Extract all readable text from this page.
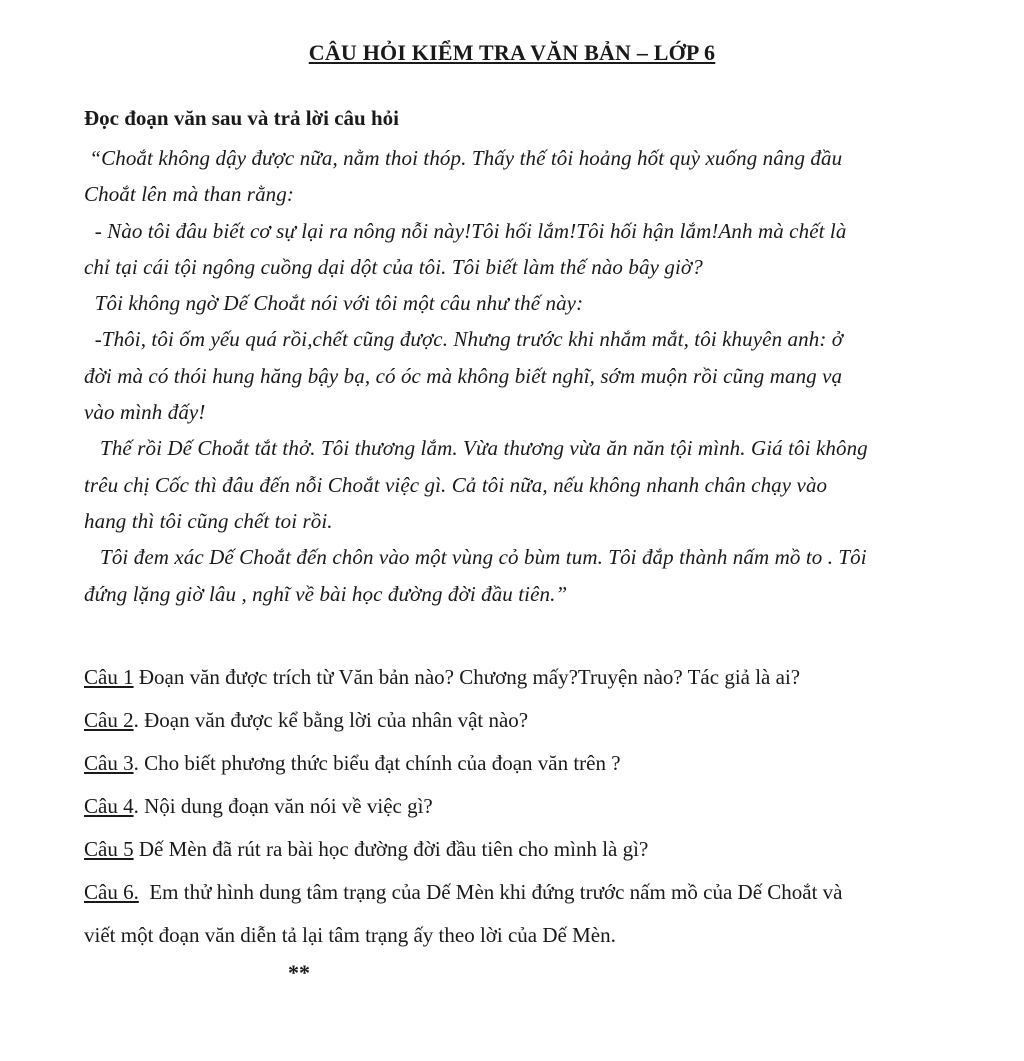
CÂU HỎI KIỂM TRA VĂN BẢN – LỚP 6
Đọc đoạn văn sau và trả lời câu hỏi
“Choắt không dậy được nữa, nằm thoi thóp. Thấy thế tôi hoảng hốt quỳ xuống nâng đầu
Choắt lên mà than rằng:
- Nào tôi đâu biết cơ sự lại ra nông nỗi này!Tôi hối lắm!Tôi hối hận lắm!Anh mà chết là
chỉ tại cái tội ngông cuồng dại dột của tôi. Tôi biết làm thế nào bây giờ?
Tôi không ngờ Dế Choắt nói với tôi một câu như thế này:
-Thôi, tôi ốm yếu quá rồi,chết cũng được. Nhưng trước khi nhắm mắt, tôi khuyên anh: ở
đời mà có thói hung hăng bậy bạ, có óc mà không biết nghĩ, sớm muộn rồi cũng mang vạ
vào mình đấy!
Thế rồi Dế Choắt tắt thở. Tôi thương lắm. Vừa thương vừa ăn năn tội mình. Giá tôi không
trêu chị Cốc thì đâu đến nỗi Choắt việc gì. Cả tôi nữa, nếu không nhanh chân chạy vào
hang thì tôi cũng chết toi rồi.
Tôi đem xác Dế Choắt đến chôn vào một vùng cỏ bùm tum. Tôi đắp thành nấm mồ to . Tôi
đứng lặng giờ lâu , nghĩ về bài học đường đời đầu tiên.”
Câu 1 Đoạn văn được trích từ Văn bản nào? Chương mấy?Truyện nào? Tác giả là ai?
Câu 2. Đoạn văn được kể bằng lời của nhân vật nào?
Câu 3. Cho biết phương thức biểu đạt chính của đoạn văn trên ?
Câu 4. Nội dung đoạn văn nói về việc gì?
Câu 5 Dế Mèn đã rút ra bài học đường đời đầu tiên cho mình là gì?
Câu 6.  Em thử hình dung tâm trạng của Dế Mèn khi đứng trước nấm mồ của Dế Choắt và
viết một đoạn văn diễn tả lại tâm trạng ấy theo lời của Dế Mèn.
**
